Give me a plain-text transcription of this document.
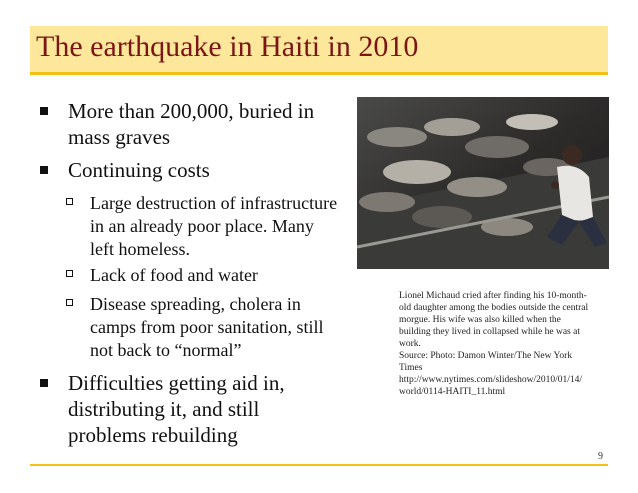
The earthquake in Haiti in 2010
More than 200,000, buried in
mass graves
Continuing costs
Large destruction of infrastructure
in an already poor place. Many
left homeless.
Lack of food and water
Disease spreading, cholera in
camps from poor sanitation, still
not back to “normal”
Difficulties getting aid in,
distributing it, and still
problems rebuilding
Lionel Michaud cried after finding his 10-month-
old daughter among the bodies outside the central
morgue. His wife was also killed when the
building they lived in collapsed while he was at
work.
Source: Photo: Damon Winter/The New York
Times
http://www.nytimes.com/slideshow/2010/01/14/
world/0114-HAITI_11.html
9
